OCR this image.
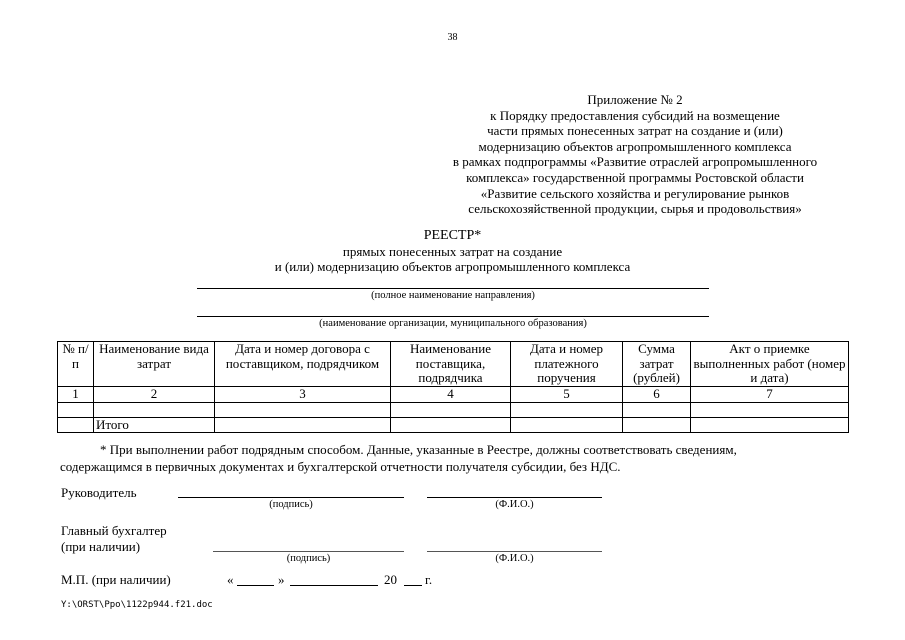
38
Приложение № 2
к Порядку предоставления субсидий на возмещение
части прямых понесенных затрат на создание и (или)
модернизацию объектов агропромышленного комплекса
в рамках подпрограммы «Развитие отраслей агропромышленного
комплекса» государственной программы Ростовской области
«Развитие сельского хозяйства и регулирование рынков
сельскохозяйственной продукции, сырья и продовольствия»
РЕЕСТР*
прямых понесенных затрат на создание
и (или) модернизацию объектов агропромышленного комплекса
(полное наименование направления)
(наименование организации, муниципального образования)
№ п/п	Наименование вида затрат	Дата и номер договора с поставщиком, подрядчиком	Наименование поставщика, подрядчика	Дата и номер платежного поручения	Сумма затрат (рублей)	Акт о приемке выполненных работ (номер и дата)
1	2	3	4	5	6	7

	Итого					
* При выполнении работ подрядным способом. Данные, указанные в Реестре, должны соответствовать сведениям,
содержащимся в первичных документах и бухгалтерской отчетности получателя субсидии, без НДС.
Руководитель
(подпись)	(Ф.И.О.)
Главный бухгалтер
(при наличии)
(подпись)	(Ф.И.О.)
М.П. (при наличии)	«	»	20 г.
Y:\ORST\Ppo\1122p944.f21.doc
